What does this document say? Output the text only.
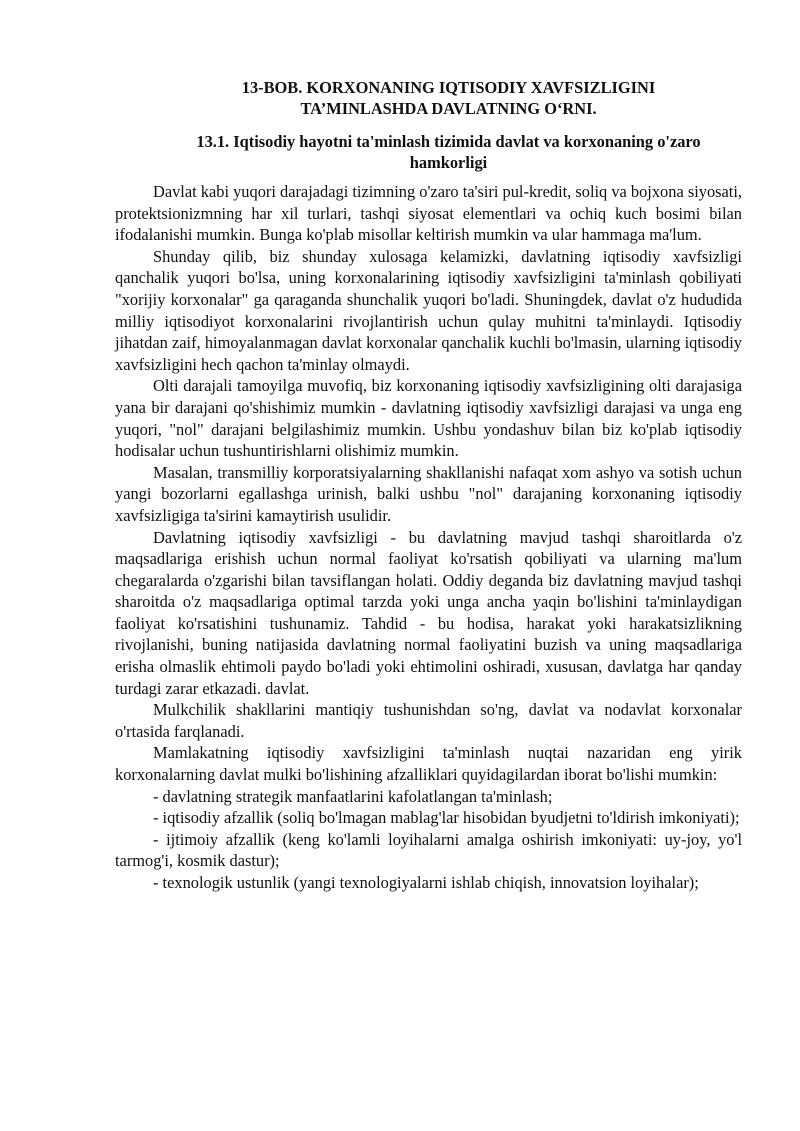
13-BOB. KORXONANING IQTISODIY XAVFSIZLIGINI
TA’MINLASHDA DAVLATNING O‘RNI.
13.1. Iqtisodiy hayotni ta'minlash tizimida davlat va korxonaning o'zaro
hamkorligi

Davlat kabi yuqori darajadagi tizimning o'zaro ta'siri pul-kredit, soliq va bojxona siyosati, protektsionizmning har xil turlari, tashqi siyosat elementlari va ochiq kuch bosimi bilan ifodalanishi mumkin. Bunga ko'plab misollar keltirish mumkin va ular hammaga ma'lum.

Shunday qilib, biz shunday xulosaga kelamizki, davlatning iqtisodiy xavfsizligi qanchalik yuqori bo'lsa, uning korxonalarining iqtisodiy xavfsizligini ta'minlash qobiliyati "xorijiy korxonalar" ga qaraganda shunchalik yuqori bo'ladi. Shuningdek, davlat o'z hududida milliy iqtisodiyot korxonalarini rivojlantirish uchun qulay muhitni ta'minlaydi. Iqtisodiy jihatdan zaif, himoyalanmagan davlat korxonalar qanchalik kuchli bo'lmasin, ularning iqtisodiy xavfsizligini hech qachon ta'minlay olmaydi.

Olti darajali tamoyilga muvofiq, biz korxonaning iqtisodiy xavfsizligining olti darajasiga yana bir darajani qo'shishimiz mumkin - davlatning iqtisodiy xavfsizligi darajasi va unga eng yuqori, "nol" darajani belgilashimiz mumkin. Ushbu yondashuv bilan biz ko'plab iqtisodiy hodisalar uchun tushuntirishlarni olishimiz mumkin.

Masalan, transmilliy korporatsiyalarning shakllanishi nafaqat xom ashyo va sotish uchun yangi bozorlarni egallashga urinish, balki ushbu "nol" darajaning korxonaning iqtisodiy xavfsizligiga ta'sirini kamaytirish usulidir.

Davlatning iqtisodiy xavfsizligi - bu davlatning mavjud tashqi sharoitlarda o'z maqsadlariga erishish uchun normal faoliyat ko'rsatish qobiliyati va ularning ma'lum chegaralarda o'zgarishi bilan tavsiflangan holati. Oddiy deganda biz davlatning mavjud tashqi sharoitda o'z maqsadlariga optimal tarzda yoki unga ancha yaqin bo'lishini ta'minlaydigan faoliyat ko'rsatishini tushunamiz. Tahdid - bu hodisa, harakat yoki harakatsizlikning rivojlanishi, buning natijasida davlatning normal faoliyatini buzish va uning maqsadlariga erisha olmaslik ehtimoli paydo bo'ladi yoki ehtimolini oshiradi, xususan, davlatga har qanday turdagi zarar etkazadi. davlat.

Mulkchilik shakllarini mantiqiy tushunishdan so'ng, davlat va nodavlat korxonalar o'rtasida farqlanadi.

Mamlakatning iqtisodiy xavfsizligini ta'minlash nuqtai nazaridan eng yirik korxonalarning davlat mulki bo'lishining afzalliklari quyidagilardan iborat bo'lishi mumkin:

- davlatning strategik manfaatlarini kafolatlangan ta'minlash;

- iqtisodiy afzallik (soliq bo'lmagan mablag'lar hisobidan byudjetni to'ldirish imkoniyati);

- ijtimoiy afzallik (keng ko'lamli loyihalarni amalga oshirish imkoniyati: uy-joy, yo'l tarmog'i, kosmik dastur);

- texnologik ustunlik (yangi texnologiyalarni ishlab chiqish, innovatsion loyihalar);
